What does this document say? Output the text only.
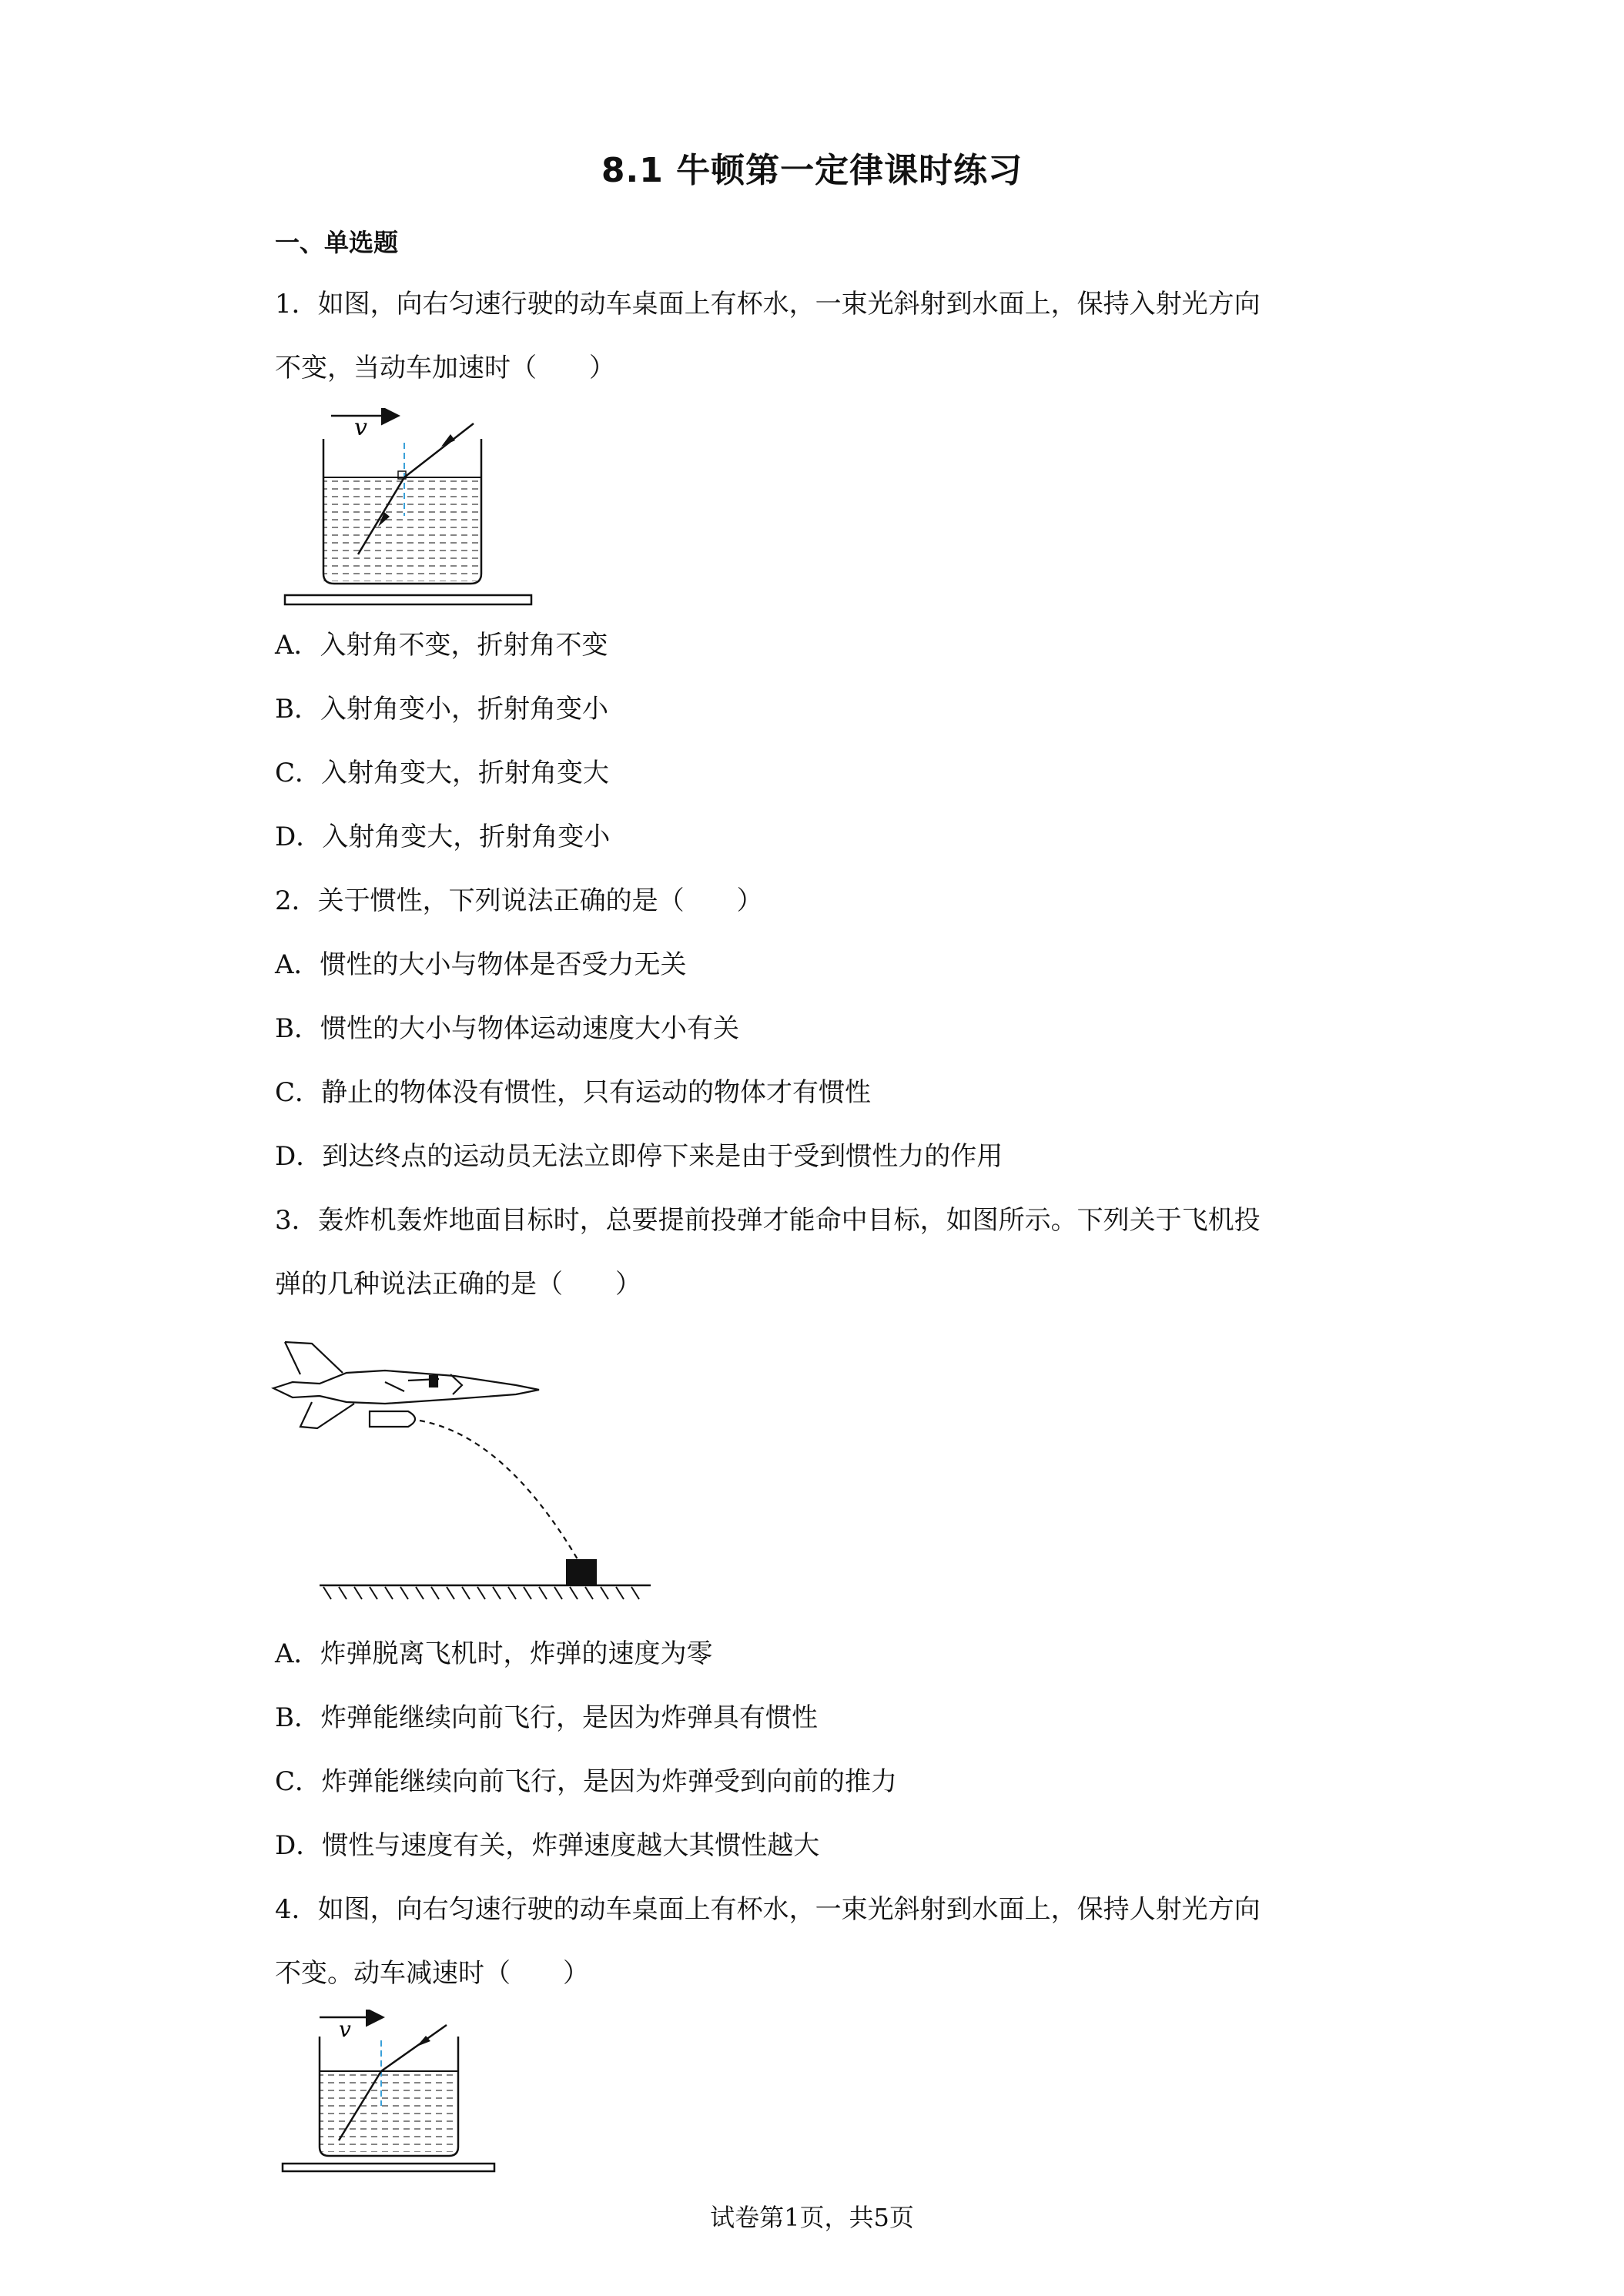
8.1 牛顿第一定律课时练习
一、单选题
1．如图，向右匀速行驶的动车桌面上有杯水，一束光斜射到水面上，保持入射光方向
不变，当动车加速时（　　）
v
A．入射角不变，折射角不变
B．入射角变小，折射角变小
C．入射角变大，折射角变大
D．入射角变大，折射角变小
2．关于惯性，下列说法正确的是（　　）
A．惯性的大小与物体是否受力无关
B．惯性的大小与物体运动速度大小有关
C．静止的物体没有惯性，只有运动的物体才有惯性
D．到达终点的运动员无法立即停下来是由于受到惯性力的作用
3．轰炸机轰炸地面目标时，总要提前投弹才能命中目标，如图所示。下列关于飞机投
弹的几种说法正确的是（　　）
A．炸弹脱离飞机时，炸弹的速度为零
B．炸弹能继续向前飞行，是因为炸弹具有惯性
C．炸弹能继续向前飞行，是因为炸弹受到向前的推力
D．惯性与速度有关，炸弹速度越大其惯性越大
4．如图，向右匀速行驶的动车桌面上有杯水，一束光斜射到水面上，保持人射光方向
不变。动车减速时（　　）
v
试卷第1页，共5页
